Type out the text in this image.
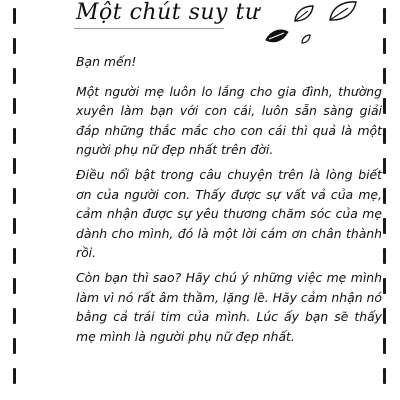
Một chút suy tư

Bạn mến!

Một người mẹ luôn lo lắng cho gia đình, thường xuyên làm bạn với con cái, luôn sẵn sàng giải đáp những thắc mắc cho con cái thì quả là một người phụ nữ đẹp nhất trên đời.

Điều nổi bật trong câu chuyện trên là lòng biết ơn của người con. Thấy được sự vất vả của mẹ, cảm nhận được sự yêu thương chăm sóc của mẹ dành cho mình, đó là một lời cám ơn chân thành rồi.

Còn bạn thì sao? Hãy chú ý những việc mẹ mình làm vì nó rất âm thầm, lặng lẽ. Hãy cảm nhận nó bằng cả trái tim của mình. Lúc ấy bạn sẽ thấy mẹ mình là người phụ nữ đẹp nhất.
